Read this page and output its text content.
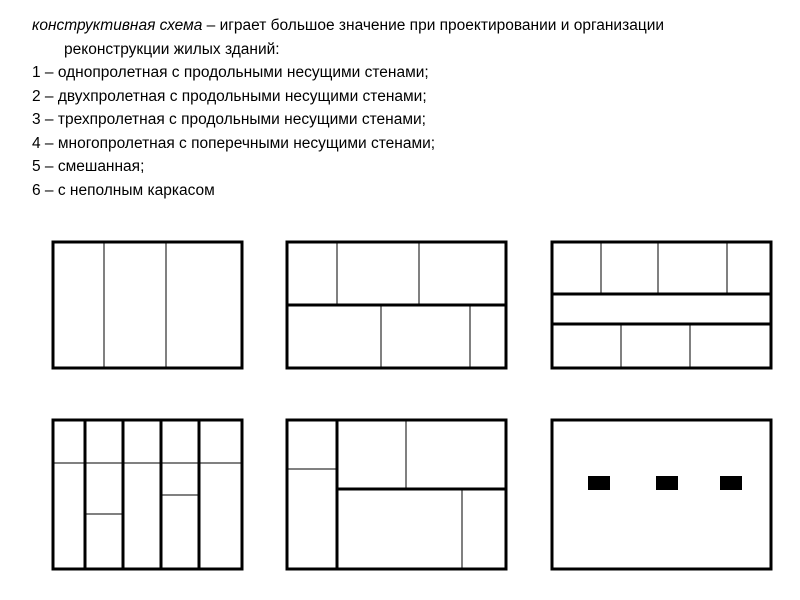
конструктивная схема – играет большое значение при проектировании и организации реконструкции жилых зданий:

1 – однопролетная с продольными несущими стенами;

2 – двухпролетная с продольными несущими стенами;

3 – трехпролетная с продольными несущими стенами;

4 – многопролетная с поперечными несущими стенами;

5 – смешанная;

6 – с неполным каркасом
